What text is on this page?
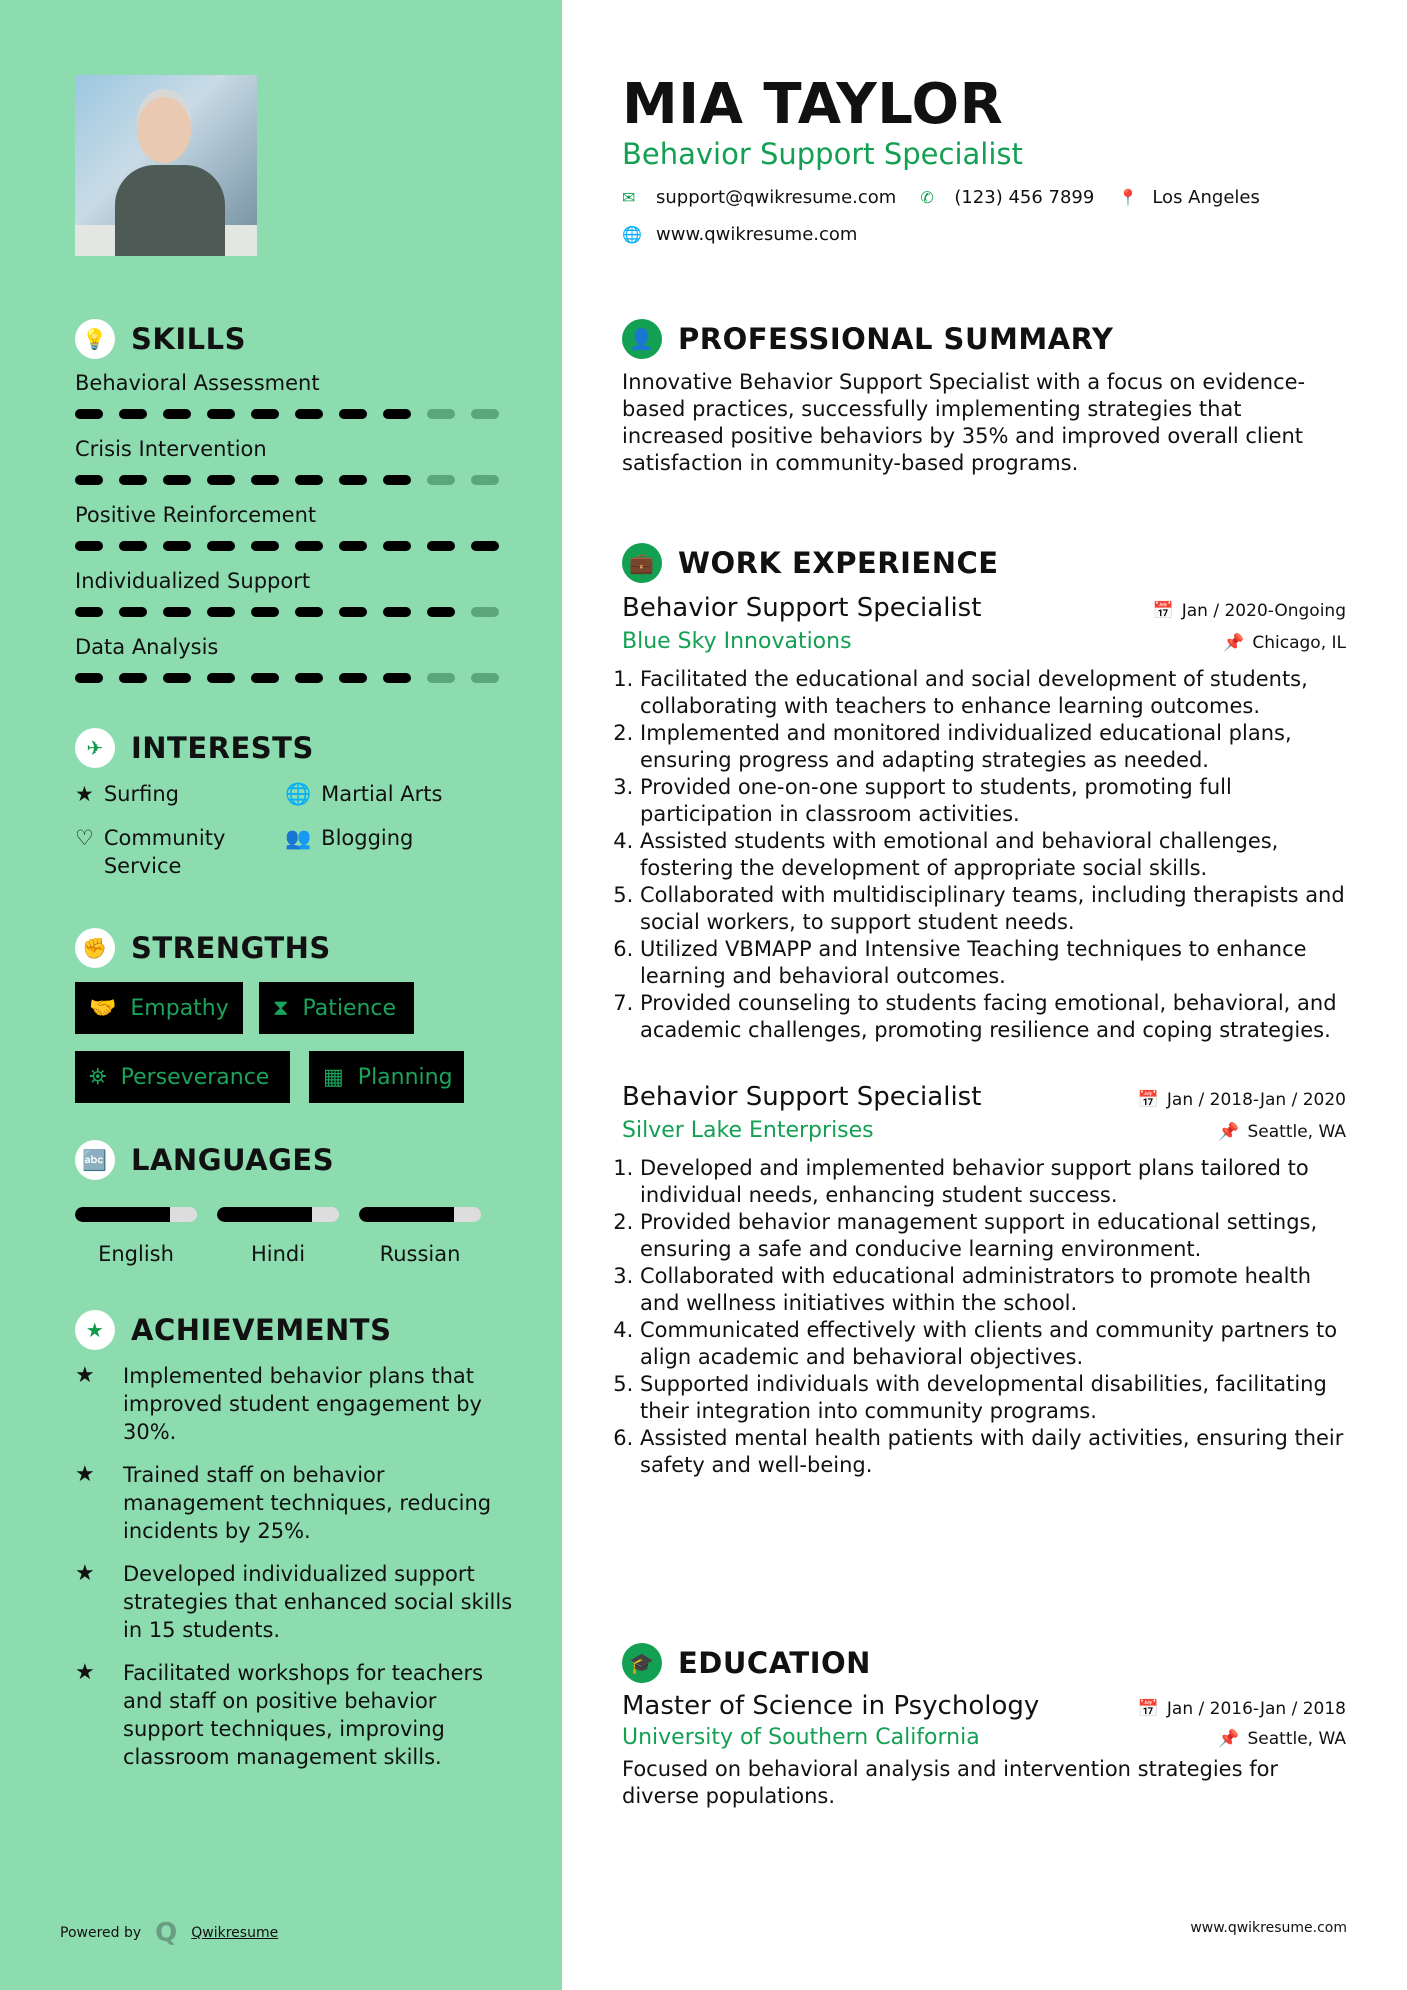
💡 SKILLS
Behavioral Assessment
Crisis Intervention
Positive Reinforcement
Individualized Support
Data Analysis
✈ INTERESTS
★ Surfing	🌐 Martial Arts
♡ Community Service
👥 Blogging
✊ STRENGTHS
🤝 Empathy ⧗ Patience
⛯ Perseverance ▦ Planning
🔤 LANGUAGES
English	Hindi	Russian
★ ACHIEVEMENTS
★	Implemented behavior plans that improved student engagement by 30%.
★	Trained staff on behavior management techniques, reducing incidents by 25%.
★	Developed individualized support strategies that enhanced social skills in 15 students.
★	Facilitated workshops for teachers and staff on positive behavior support techniques, improving classroom management skills.
Powered by Q Qwikresume
MIA TAYLOR
Behavior Support Specialist
✉	support@qwikresume.com ✆	(123) 456 7899 📍 Los Angeles
🌐 www.qwikresume.com
👤 PROFESSIONAL SUMMARY
Innovative Behavior Support Specialist with a focus on evidence-based practices, successfully implementing strategies that increased positive behaviors by 35% and improved overall client satisfaction in community-based programs.
💼 WORK EXPERIENCE
Behavior Support Specialist	📅 Jan / 2020-Ongoing
Blue Sky Innovations	📌 Chicago, IL
1. Facilitated the educational and social development of students, collaborating with teachers to enhance learning outcomes.
2. Implemented and monitored individualized educational plans, ensuring progress and adapting strategies as needed.
3. Provided one-on-one support to students, promoting full participation in classroom activities.
4. Assisted students with emotional and behavioral challenges, fostering the development of appropriate social skills.
5. Collaborated with multidisciplinary teams, including therapists and social workers, to support student needs.
6. Utilized VBMAPP and Intensive Teaching techniques to enhance learning and behavioral outcomes.
7. Provided counseling to students facing emotional, behavioral, and academic challenges, promoting resilience and coping strategies.
Behavior Support Specialist	📅 Jan / 2018-Jan / 2020
Silver Lake Enterprises	📌 Seattle, WA
1. Developed and implemented behavior support plans tailored to individual needs, enhancing student success.
2. Provided behavior management support in educational settings, ensuring a safe and conducive learning environment.
3. Collaborated with educational administrators to promote health and wellness initiatives within the school.
4. Communicated effectively with clients and community partners to align academic and behavioral objectives.
5. Supported individuals with developmental disabilities, facilitating their integration into community programs.
6. Assisted mental health patients with daily activities, ensuring their safety and well-being.
🎓 EDUCATION
Master of Science in Psychology	📅 Jan / 2016-Jan / 2018
University of Southern California	📌 Seattle, WA
Focused on behavioral analysis and intervention strategies for diverse populations.
www.qwikresume.com
